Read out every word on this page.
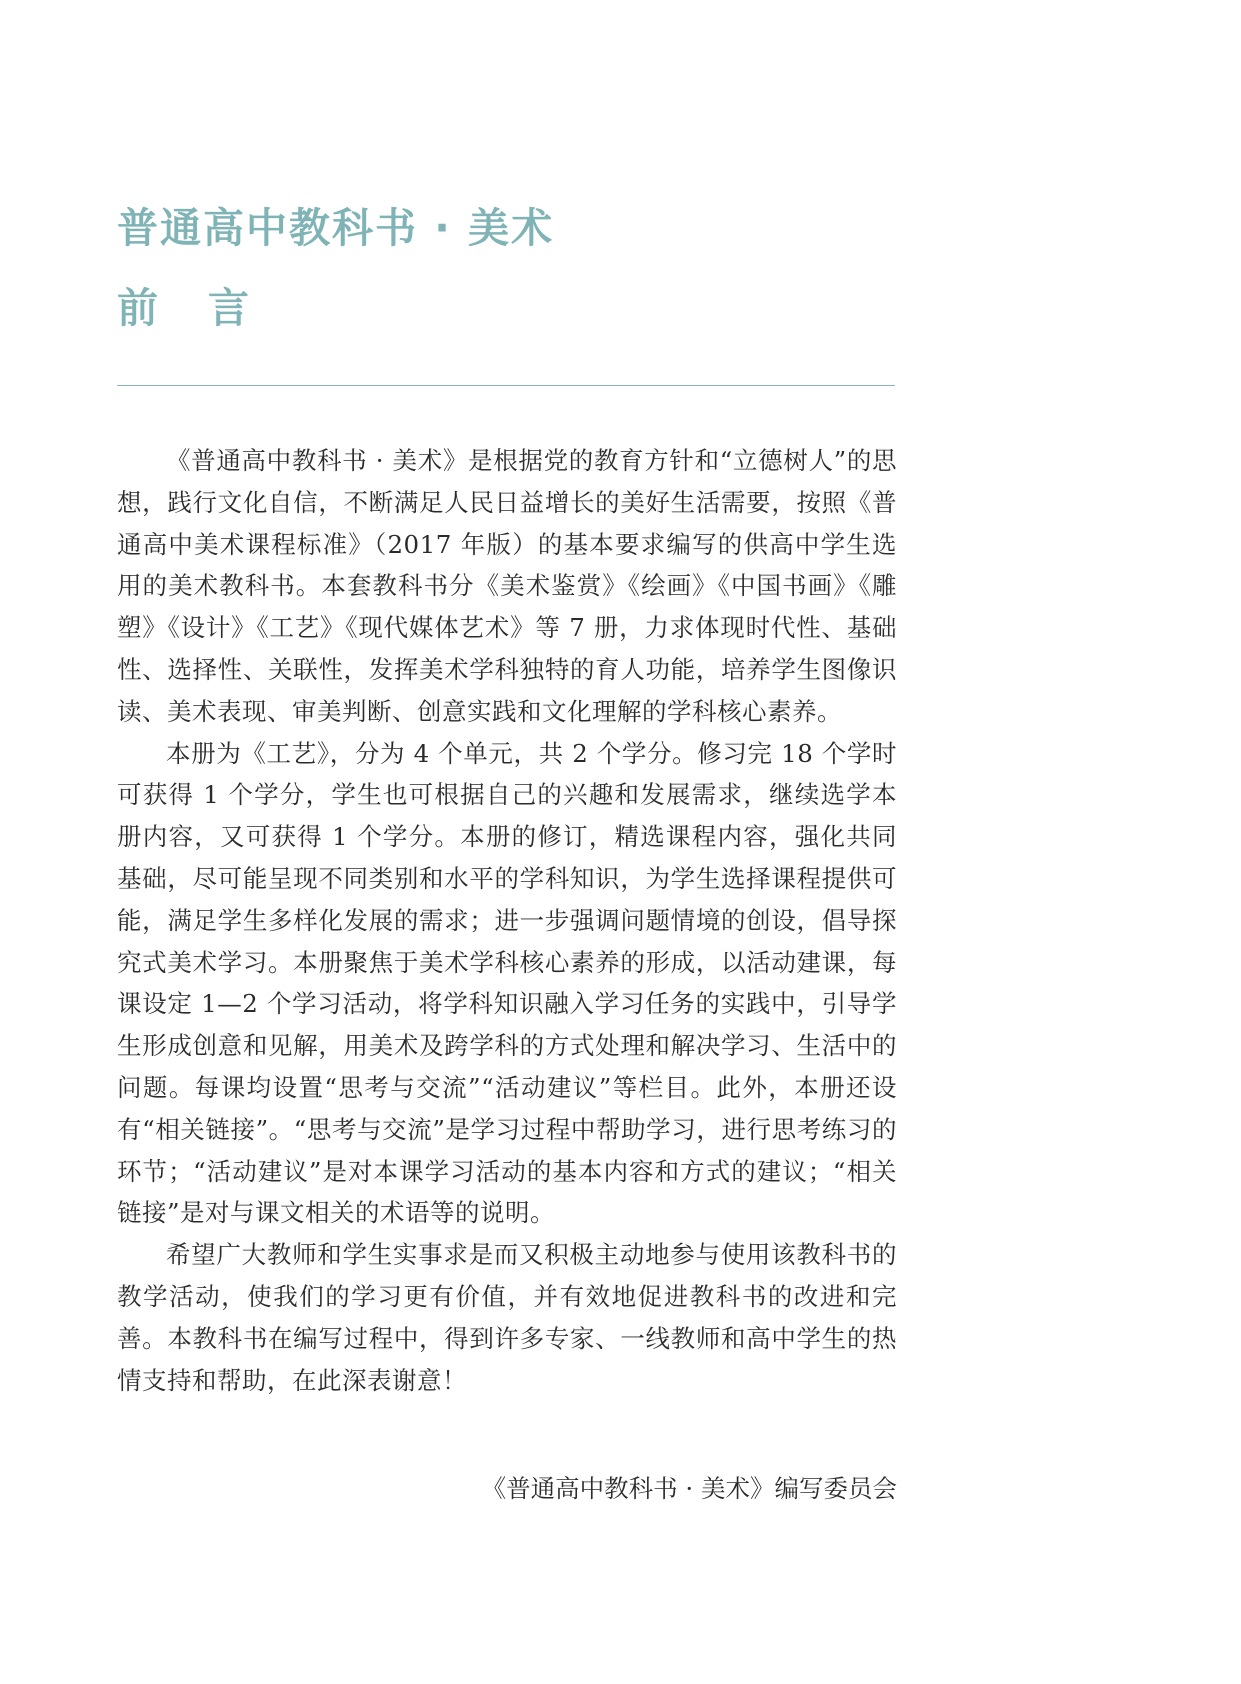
普通高中教科书 · 美术
前言

《普通高中教科书 · 美术》是根据党的教育方针和“立德树人”的思想，践行文化自信，不断满足人民日益增长的美好生活需要，按照《普通高中美术课程标准》（2017 年版）的基本要求编写的供高中学生选用的美术教科书。本套教科书分《美术鉴赏》《绘画》《中国书画》《雕塑》《设计》《工艺》《现代媒体艺术》等 7 册，力求体现时代性、基础性、选择性、关联性，发挥美术学科独特的育人功能，培养学生图像识读、美术表现、审美判断、创意实践和文化理解的学科核心素养。

本册为《工艺》，分为 4 个单元，共 2 个学分。修习完 18 个学时可获得 1 个学分，学生也可根据自己的兴趣和发展需求，继续选学本册内容，又可获得 1 个学分。本册的修订，精选课程内容，强化共同基础，尽可能呈现不同类别和水平的学科知识，为学生选择课程提供可能，满足学生多样化发展的需求；进一步强调问题情境的创设，倡导探究式美术学习。本册聚焦于美术学科核心素养的形成，以活动建课，每课设定 1—2 个学习活动，将学科知识融入学习任务的实践中，引导学生形成创意和见解，用美术及跨学科的方式处理和解决学习、生活中的问题。每课均设置“思考与交流”“活动建议”等栏目。此外，本册还设有“相关链接”。“思考与交流”是学习过程中帮助学习，进行思考练习的环节；“活动建议”是对本课学习活动的基本内容和方式的建议；“相关链接”是对与课文相关的术语等的说明。

希望广大教师和学生实事求是而又积极主动地参与使用该教科书的教学活动，使我们的学习更有价值，并有效地促进教科书的改进和完善。本教科书在编写过程中，得到许多专家、一线教师和高中学生的热情支持和帮助，在此深表谢意！

《普通高中教科书 · 美术》编写委员会
